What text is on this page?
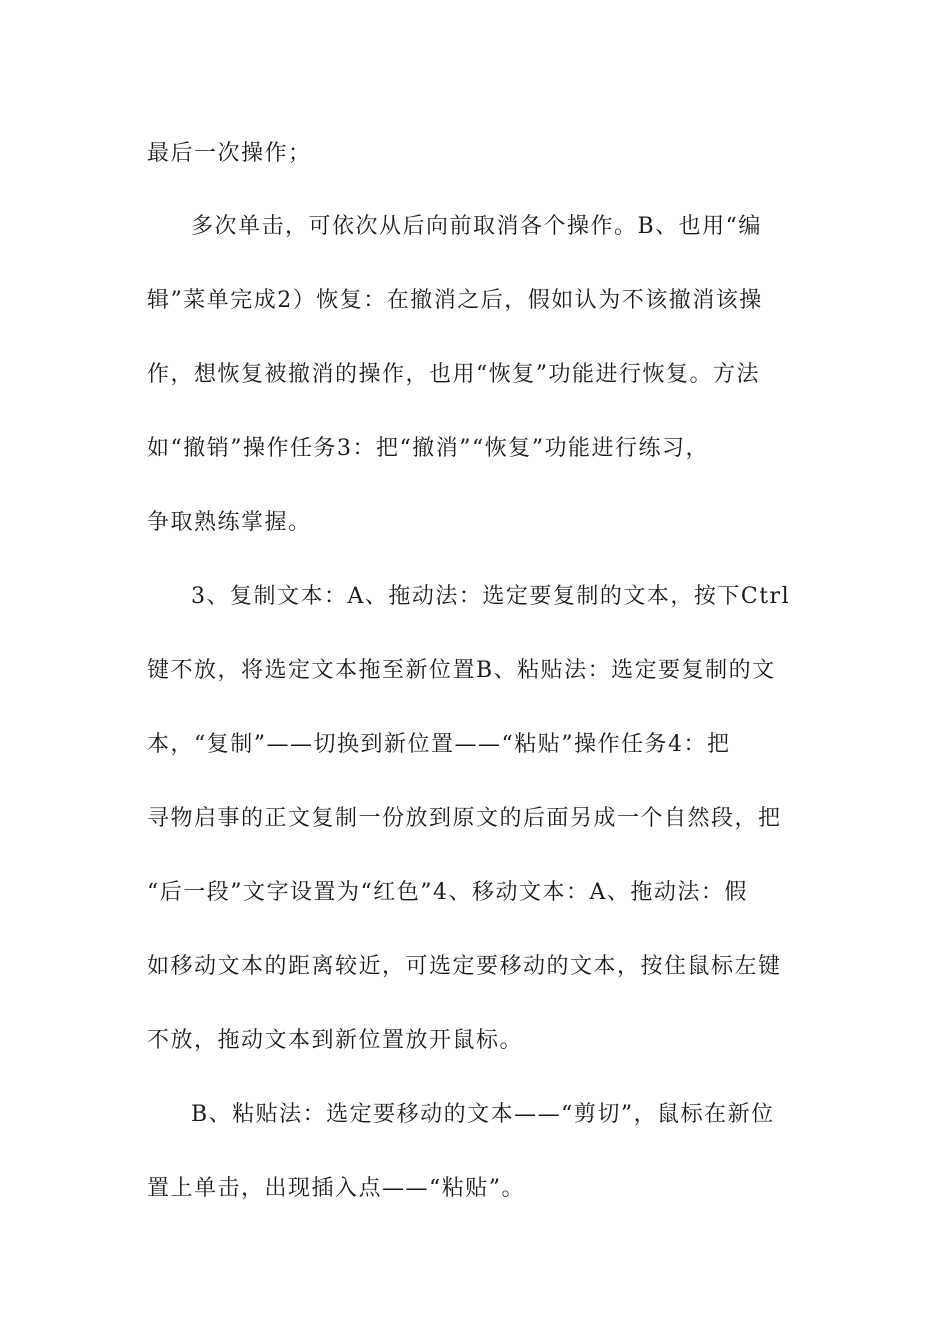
最后一次操作；
多次单击，可依次从后向前取消各个操作。B、也用“编
辑”菜单完成2）恢复：在撤消之后，假如认为不该撤消该操
作，想恢复被撤消的操作，也用“恢复”功能进行恢复。方法
如“撤销”操作任务3：把“撤消”“恢复”功能进行练习，
争取熟练掌握。
3、复制文本：A、拖动法：选定要复制的文本，按下Ctrl
键不放，将选定文本拖至新位置B、粘贴法：选定要复制的文
本，“复制”——切换到新位置——“粘贴”操作任务4：把
寻物启事的正文复制一份放到原文的后面另成一个自然段，把
“后一段”文字设置为“红色”4、移动文本：A、拖动法：假
如移动文本的距离较近，可选定要移动的文本，按住鼠标左键
不放，拖动文本到新位置放开鼠标。
B、粘贴法：选定要移动的文本——“剪切”，鼠标在新位
置上单击，出现插入点——“粘贴”。
